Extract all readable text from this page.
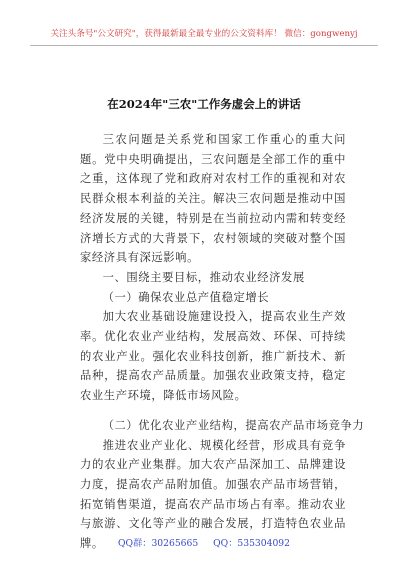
关注头条号"公文研究"，获得最新最全最专业的公文资料库！ 微信：gongwenyj
在2024年"三农"工作务虚会上的讲话

三农问题是关系党和国家工作重心的重大问题。党中央明确提出，三农问题是全部工作的重中之重，这体现了党和政府对农村工作的重视和对农民群众根本利益的关注。解决三农问题是推动中国经济发展的关键，特别是在当前拉动内需和转变经济增长方式的大背景下，农村领域的突破对整个国家经济具有深远影响。

一、围绕主要目标，推动农业经济发展

（一）确保农业总产值稳定增长

加大农业基础设施建设投入，提高农业生产效率。优化农业产业结构，发展高效、环保、可持续的农业产业。强化农业科技创新，推广新技术、新品种，提高农产品质量。加强农业政策支持，稳定农业生产环境，降低市场风险。

（二）优化农业产业结构，提高农产品市场竞争力

推进农业产业化、规模化经营，形成具有竞争力的农业产业集群。加大农产品深加工、品牌建设力度，提高农产品附加值。加强农产品市场营销，拓宽销售渠道，提高农产品市场占有率。推动农业与旅游、文化等产业的融合发展，打造特色农业品牌。	QQ群：30265665 QQ：535304092
